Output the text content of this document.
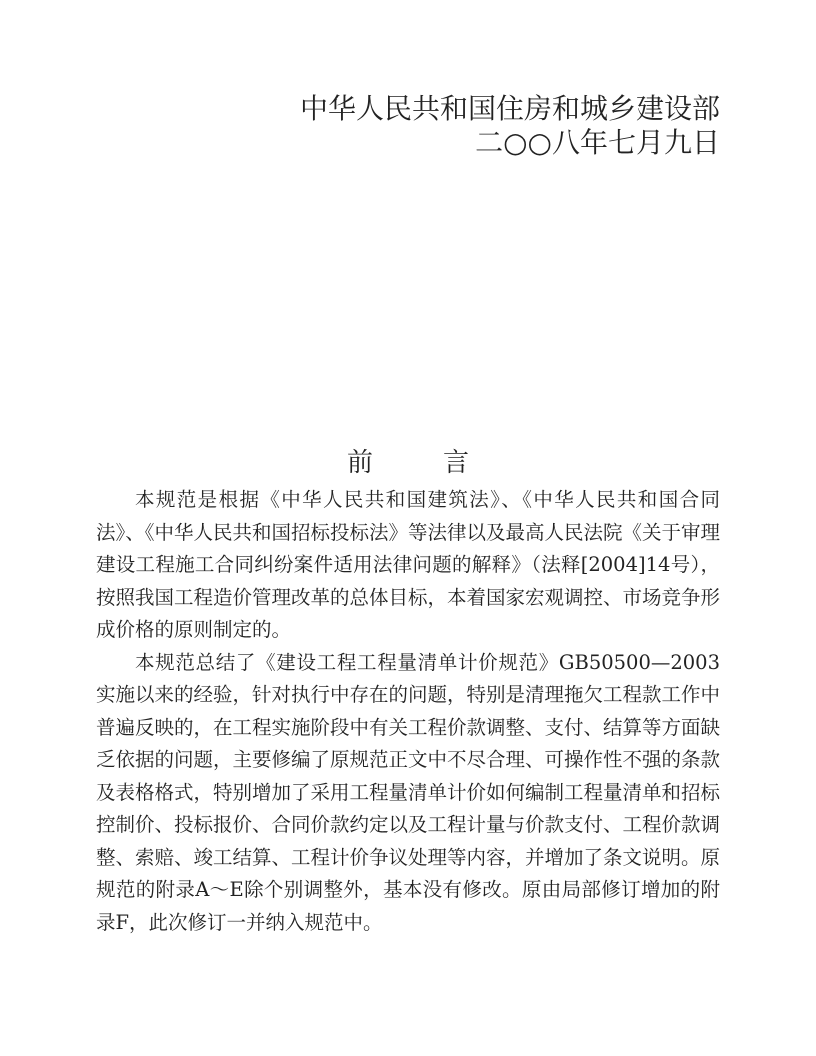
中华人民共和国住房和城乡建设部
二○○八年七月九日
前	言

本规范是根据《中华人民共和国建筑法》、《中华人民共和国合同法》、《中华人民共和国招标投标法》等法律以及最高人民法院《关于审理建设工程施工合同纠纷案件适用法律问题的解释》（法释[2004]14号），按照我国工程造价管理改革的总体目标，本着国家宏观调控、市场竞争形成价格的原则制定的。

本规范总结了《建设工程工程量清单计价规范》GB50500—2003实施以来的经验，针对执行中存在的问题，特别是清理拖欠工程款工作中普遍反映的，在工程实施阶段中有关工程价款调整、支付、结算等方面缺乏依据的问题，主要修编了原规范正文中不尽合理、可操作性不强的条款及表格格式，特别增加了采用工程量清单计价如何编制工程量清单和招标控制价、投标报价、合同价款约定以及工程计量与价款支付、工程价款调整、索赔、竣工结算、工程计价争议处理等内容，并增加了条文说明。原规范的附录A～E除个别调整外，基本没有修改。原由局部修订增加的附录F，此次修订一并纳入规范中。
